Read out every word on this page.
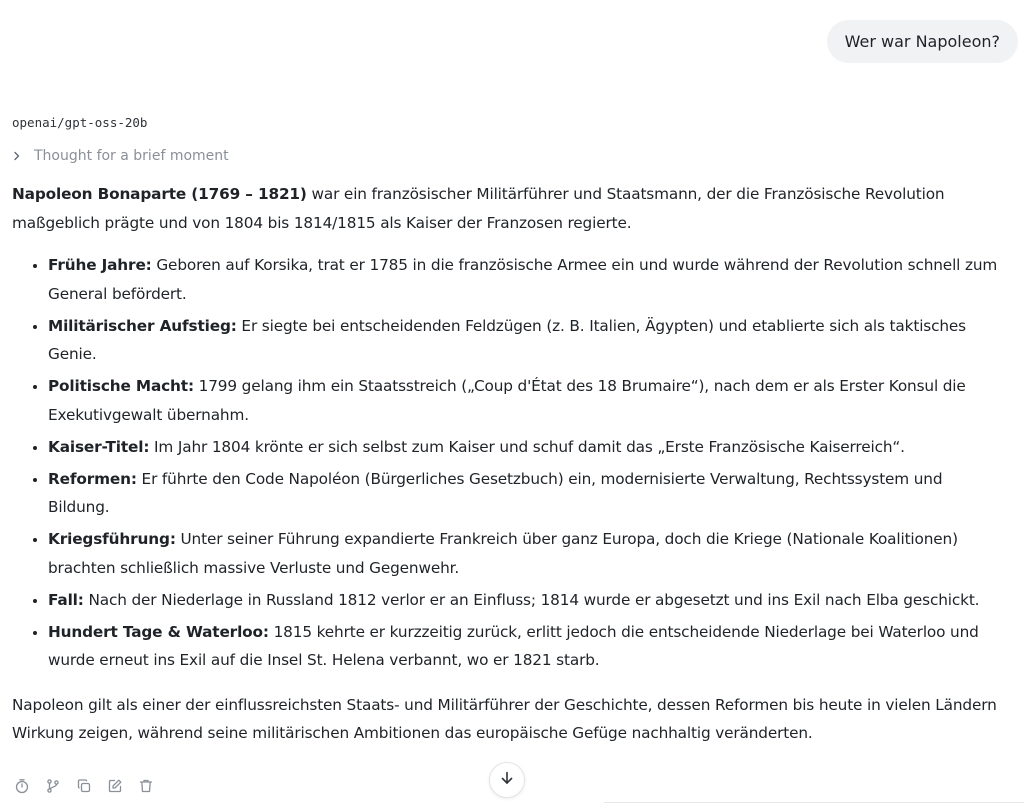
Wer war Napoleon?
openai/gpt-oss-20b
Thought for a brief moment

Napoleon Bonaparte (1769 – 1821) war ein französischer Militärführer und Staatsmann, der die Französische Revolution maßgeblich prägte und von 1804 bis 1814/1815 als Kaiser der Franzosen regierte.

• Frühe Jahre: Geboren auf Korsika, trat er 1785 in die französische Armee ein und wurde während der Revolution schnell zum General befördert.
• Militärischer Aufstieg: Er siegte bei entscheidenden Feldzügen (z. B. Italien, Ägypten) und etablierte sich als taktisches Genie.
• Politische Macht: 1799 gelang ihm ein Staatsstreich („Coup d'État des 18 Brumaire“), nach dem er als Erster Konsul die Exekutivgewalt übernahm.
• Kaiser-Titel: Im Jahr 1804 krönte er sich selbst zum Kaiser und schuf damit das „Erste Französische Kaiserreich“.
• Reformen: Er führte den Code Napoléon (Bürgerliches Gesetzbuch) ein, modernisierte Verwaltung, Rechtssystem und Bildung.
• Kriegsführung: Unter seiner Führung expandierte Frankreich über ganz Europa, doch die Kriege (Nationale Koalitionen) brachten schließlich massive Verluste und Gegenwehr.
• Fall: Nach der Niederlage in Russland 1812 verlor er an Einfluss; 1814 wurde er abgesetzt und ins Exil nach Elba geschickt.
• Hundert Tage & Waterloo: 1815 kehrte er kurzzeitig zurück, erlitt jedoch die entscheidende Niederlage bei Waterloo und wurde erneut ins Exil auf die Insel St. Helena verbannt, wo er 1821 starb.

Napoleon gilt als einer der einflussreichsten Staats- und Militärführer der Geschichte, dessen Reformen bis heute in vielen Ländern Wirkung zeigen, während seine militärischen Ambitionen das europäische Gefüge nachhaltig veränderten.
